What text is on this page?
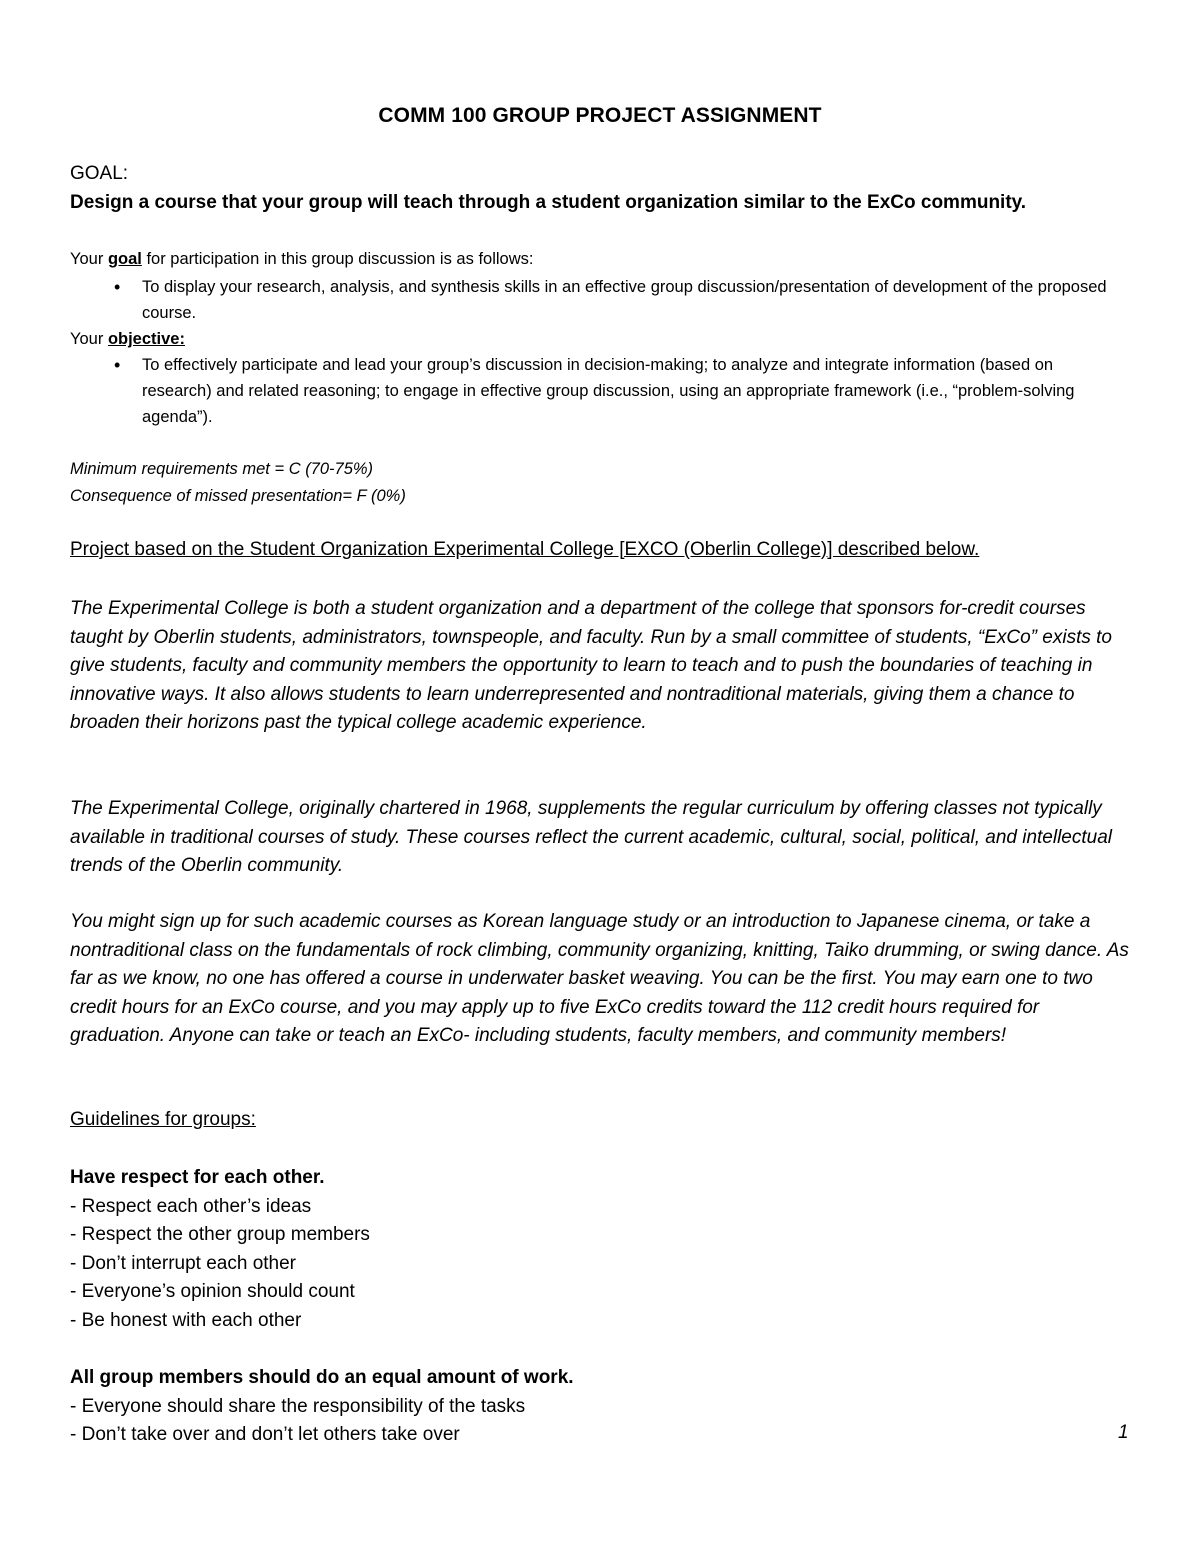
COMM 100 GROUP PROJECT ASSIGNMENT
GOAL:
Design a course that your group will teach through a student organization similar to the ExCo community.
Your goal for participation in this group discussion is as follows:
• To display your research, analysis, and synthesis skills in an effective group discussion/presentation of development of the proposed course.
Your objective:
• To effectively participate and lead your group’s discussion in decision-making; to analyze and integrate information (based on research) and related reasoning; to engage in effective group discussion, using an appropriate framework (i.e., “problem-solving agenda”).
Minimum requirements met = C (70-75%)
Consequence of missed presentation= F (0%)
Project based on the Student Organization Experimental College [EXCO (Oberlin College)] described below.
The Experimental College is both a student organization and a department of the college that sponsors for-credit courses taught by Oberlin students, administrators, townspeople, and faculty. Run by a small committee of students, “ExCo” exists to give students, faculty and community members the opportunity to learn to teach and to push the boundaries of teaching in innovative ways. It also allows students to learn underrepresented and nontraditional materials, giving them a chance to broaden their horizons past the typical college academic experience.
The Experimental College, originally chartered in 1968, supplements the regular curriculum by offering classes not typically available in traditional courses of study. These courses reflect the current academic, cultural, social, political, and intellectual trends of the Oberlin community.
You might sign up for such academic courses as Korean language study or an introduction to Japanese cinema, or take a nontraditional class on the fundamentals of rock climbing, community organizing, knitting, Taiko drumming, or swing dance. As far as we know, no one has offered a course in underwater basket weaving. You can be the first. You may earn one to two credit hours for an ExCo course, and you may apply up to five ExCo credits toward the 112 credit hours required for graduation. Anyone can take or teach an ExCo- including students, faculty members, and community members!
Guidelines for groups:
Have respect for each other.
- Respect each other’s ideas
- Respect the other group members
- Don’t interrupt each other
- Everyone’s opinion should count
- Be honest with each other
All group members should do an equal amount of work.
- Everyone should share the responsibility of the tasks
- Don’t take over and don’t let others take over	1
